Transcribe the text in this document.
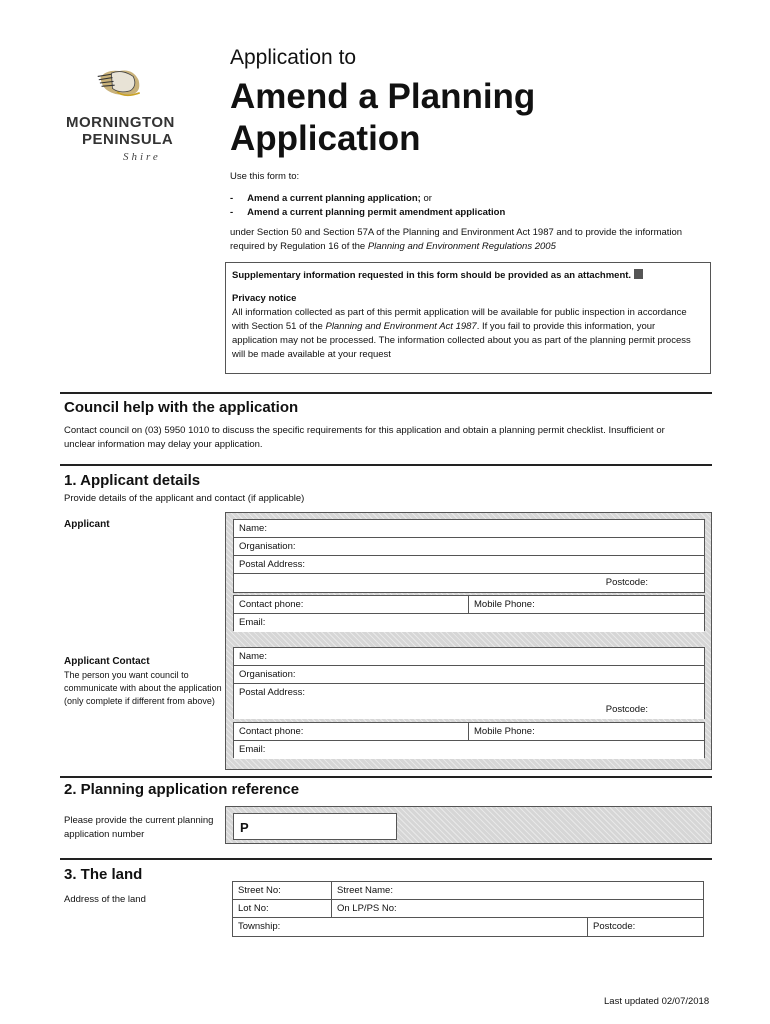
MORNINGTON
PENINSULA
Shire
Application to
Amend a Planning Application
Use this form to:
- Amend a current planning application; or
- Amend a current planning permit amendment application
under Section 50 and Section 57A of the Planning and Environment Act 1987 and to provide the information
required by Regulation 16 of the Planning and Environment Regulations 2005
Supplementary information requested in this form should be provided as an attachment.
Privacy notice
All information collected as part of this permit application will be available for public inspection in accordance
with Section 51 of the Planning and Environment Act 1987. If you fail to provide this information, your
application may not be processed. The information collected about you as part of the planning permit process
will be made available at your request
Council help with the application
Contact council on (03) 5950 1010 to discuss the specific requirements for this application and obtain a planning permit checklist. Insufficient or
unclear information may delay your application.
1. Applicant details
Provide details of the applicant and contact (if applicable)
Applicant
Applicant Contact
The person you want council to
communicate with about the application
(only complete if different from above)
Name:
Organisation:
Postal Address:
Postcode:
Contact phone:	Mobile Phone:
Email:
Name:
Organisation:
Postal Address:
Postcode:
Contact phone:	Mobile Phone:
Email:
2. Planning application reference
Please provide the current planning
application number	P
3. The land
Address of the land
Street No:	Street Name:
Lot No:	On LP/PS No:
Township:	Postcode:
Last updated 02/07/2018
